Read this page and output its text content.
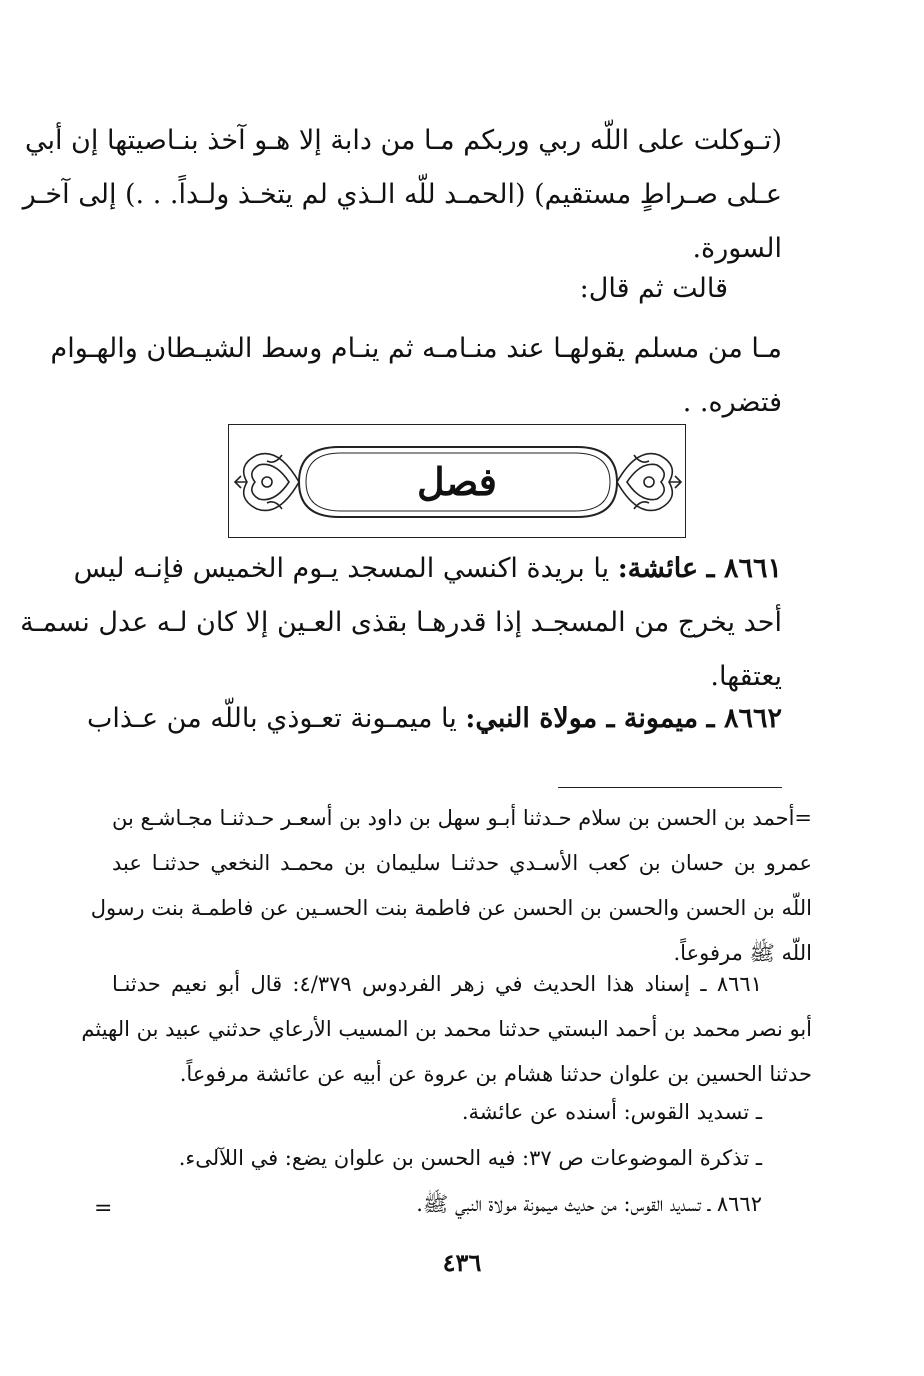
(تـوكلت على اللّه ربي وربكم مـا من دابة إلا هـو آخذ بنـاصيتها إن أبي
عـلى صـراطٍ مستقيم) (الحمـد للّه الـذي لم يتخـذ ولـداً. . .) إلى آخـر
السورة.
قالت ثم قال:
مـا من مسلم يقولهـا عند منـامـه ثم ينـام وسط الشيـطان والهـوام
فتضره. .
فصل
٨٦٦١ ـ عائشة: يا بريدة اكنسي المسجد يـوم الخميس فإنـه ليس
أحد يخرج من المسجـد إذا قدرهـا بقذى العـين إلا كان لـه عدل نسمـة
يعتقها.
٨٦٦٢ ـ ميمونة ـ مولاة النبي: يا ميمـونة تعـوذي باللّه من عـذاب
=أحمد بن الحسن بن سلام حـدثنا أبـو سهل بن داود بن أسعـر حـدثنـا مجـاشـع بن
عمرو بن حسان بن كعب الأسـدي حدثنـا سليمان بن محمـد النخعي حدثنـا عبد
اللّه بن الحسن والحسن بن الحسن عن فاطمة بنت الحسـين عن فاطمـة بنت رسول
اللّه ﷺ مرفوعاً.
٨٦٦١ ـ إسناد هذا الحديث في زهر الفردوس ٤/٣٧٩: قال أبو نعيم حدثنـا
أبو نصر محمد بن أحمد البستي حدثنا محمد بن المسيب الأرعاي حدثني عبيد بن الهيثم
حدثنا الحسين بن علوان حدثنا هشام بن عروة عن أبيه عن عائشة مرفوعاً.
ـ تسديد القوس: أسنده عن عائشة.
ـ تذكرة الموضوعات ص ٣٧: فيه الحسن بن علوان يضع: في اللآلىء.
٨٦٦٢ ـ تسديد القوس: من حديث ميمونة مولاة النبي ﷺ.
=
٤٣٦
